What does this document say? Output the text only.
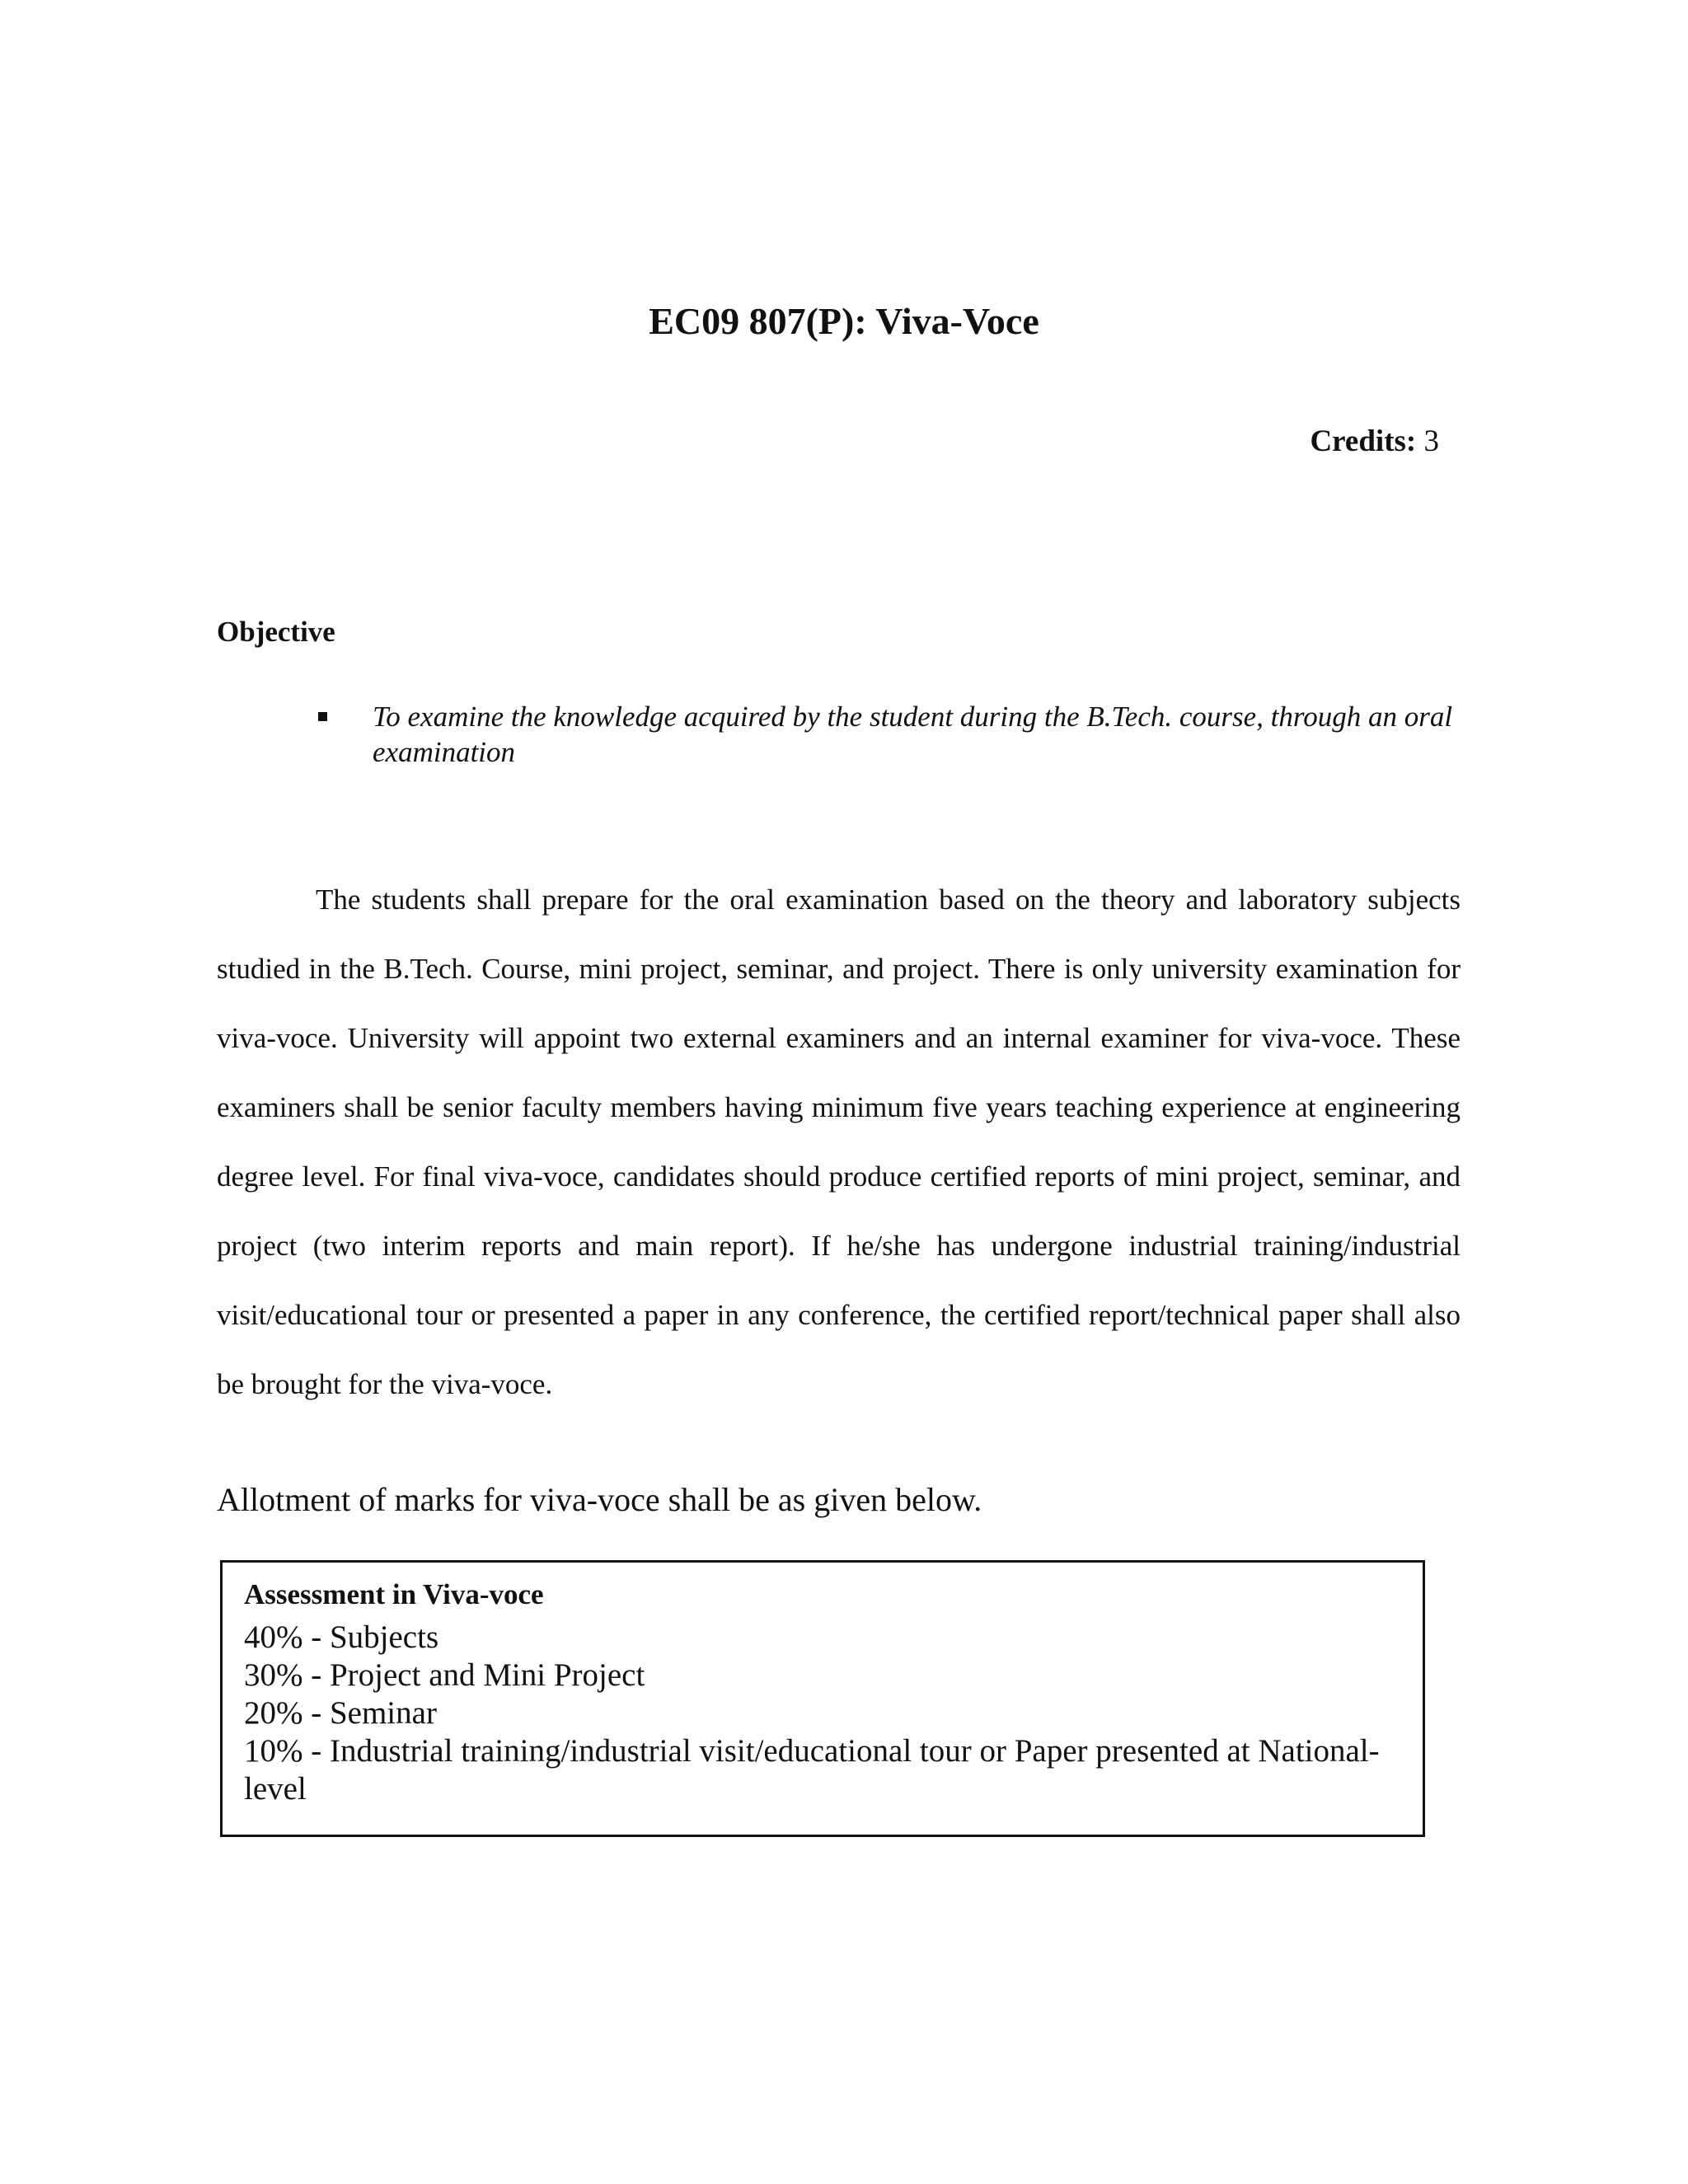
EC09 807(P): Viva-Voce
Credits: 3
Objective
To examine the knowledge acquired by the student during the B.Tech. course, through an oral examination

The students shall prepare for the oral examination based on the theory and laboratory subjects studied in the B.Tech. Course, mini project, seminar, and project. There is only university examination for viva-voce. University will appoint two external examiners and an internal examiner for viva-voce. These examiners shall be senior faculty members having minimum five years teaching experience at engineering degree level. For final viva-voce, candidates should produce certified reports of mini project, seminar, and project (two interim reports and main report). If he/she has undergone industrial training/industrial visit/educational tour or presented a paper in any conference, the certified report/technical paper shall also be brought for the viva-voce.

Allotment of marks for viva-voce shall be as given below.

Assessment in Viva-voce
40% - Subjects
30% - Project and Mini Project
20% - Seminar
10% - Industrial training/industrial visit/educational tour or Paper presented at National-level
